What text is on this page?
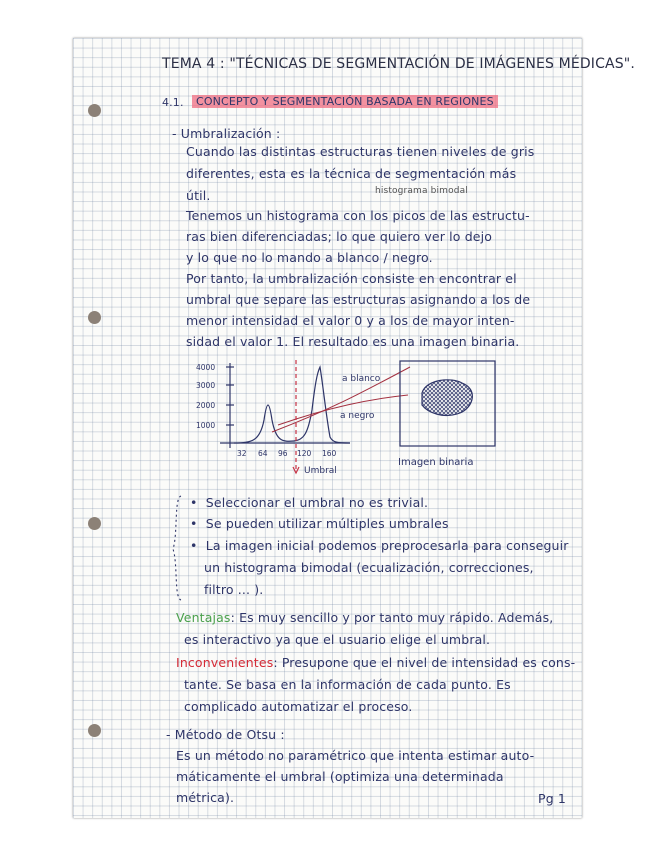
TEMA 4 : "TÉCNICAS DE SEGMENTACIÓN DE IMÁGENES MÉDICAS".
4.1.	CONCEPTO Y SEGMENTACIÓN BASADA EN REGIONES
- Umbralización :
histograma bimodal
Cuando las distintas estructuras tienen niveles de gris
diferentes, esta es la técnica de segmentación más
útil.
Tenemos un histograma con los picos de las estructu-
ras bien diferenciadas; lo que quiero ver lo dejo
y lo que no lo mando a blanco / negro.
Por tanto, la umbralización consiste en encontrar el
umbral que separe las estructuras asignando a los de
menor intensidad el valor 0 y a los de mayor inten-
sidad el valor 1. El resultado es una imagen binaria.
4000
3000
2000
1000
32 64 96 120 160
a blanco
a negro
Umbral
Imagen binaria
•  Seleccionar el umbral no es trivial.
•  Se pueden utilizar múltiples umbrales
•  La imagen inicial podemos preprocesarla para conseguir
un histograma bimodal (ecualización, correcciones,
filtro ... ).
Ventajas: Es muy sencillo y por tanto muy rápido. Además,
es interactivo ya que el usuario elige el umbral.
Inconvenientes: Presupone que el nivel de intensidad es cons-
tante. Se basa en la información de cada punto. Es
complicado automatizar el proceso.
- Método de Otsu :
Es un método no paramétrico que intenta estimar auto-
máticamente el umbral (optimiza una determinada
métrica).	Pg 1
